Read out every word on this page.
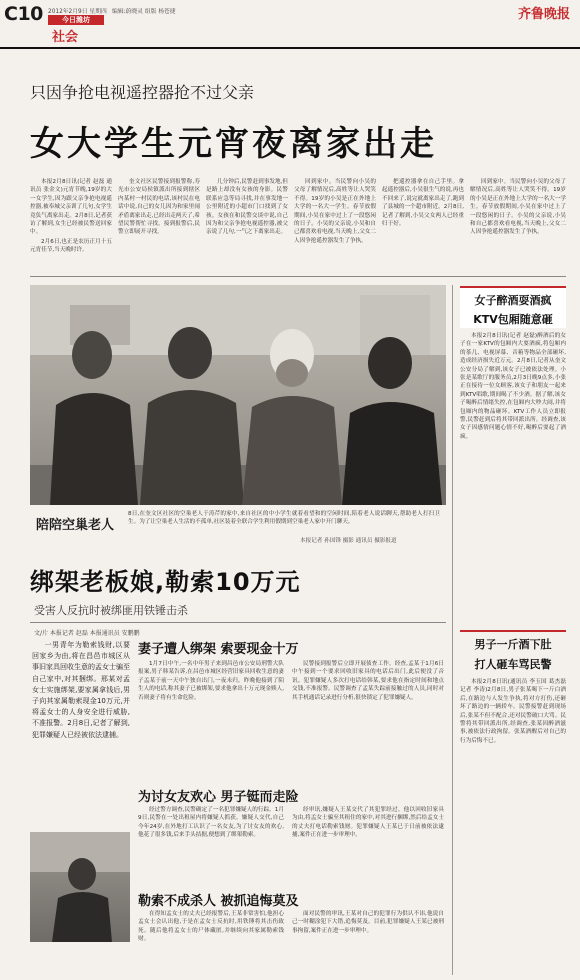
C10 2012年2月9日 星期四 编辑:蔚晓灵 组版 杨苍捷
今日潍坊
社会
齐鲁晚报
只因争抢电视遥控器抢不过父亲
女大学生元宵夜离家出走

本报2月8日讯(记者 赵磊 通讯员 张金文)元宵节晚,19岁的大一女学生,因为跟父亲争抢电视遥控器,被奉城父亲训了几句,女学生竟负气离家出走。2月8日,记者获访了解到,女生已经被民警送回家中。

2月6日,也正是农历正月十五元宵佳节,当天晚时许,

奎文社区民警接到报警称,寿光市公安局侯镇派出所接到辖区内某村一村民的电话,该村民在电话中说,自己的女儿因为和家里闹矛盾离家出走,已经出走两天了,希望民警帮忙寻找。接到报警后,民警立即展开寻找。

几分钟后,民警赶到事发地,但是路上却没有女孩的身影。民警联系应急等局寻找,并在事发地一公里附近的小超市门口找到了女孩。女孩在和民警交谈中说,自己因为和父亲争抢电视遥控器,被父亲说了几句,一气之下离家出走。

回到家中。当民警向小吴的父母了解情况后,高姓等让人哭笑不得。19岁的小吴是正在外地上大学的一名大一学生。春节放假期间,小吴在家中过上了一段悠闲的日子。小吴的父亲说,小吴和自己都喜欢看电视,当天晚上,父女二人因争抢遥控器发生了争执。

把遥控器拿在自己手里。拿起遥控器后,小吴很生气的说,再也不回来了,说完就离家出走了,跑到了县城的一个超市附近。2月8日,记者了解到,小吴父女两人已经重归于好。

回到家中。当民警向小吴的父母了解情况后,高姓等让人哭笑不得。19岁的小吴是正在外地上大学的一名大一学生。春节放假期间,小吴在家中过上了一段悠闲的日子。小吴的父亲说,小吴和自己都喜欢看电视,当天晚上,父女二人因争抢遥控器发生了争执。

陪陪空巢老人

8日,在奎文区社区的空巢老人于涛芹的家中,来自社区的中小学生就着看望和的空闲时间,陪着老人说话聊天,帮助老人打扫卫生。为了让空巢老人生活的不孤单,社区装着全联合学生利用假期到空巢老人家中开门聊天。

本报记者 孙国锋 摄影 通讯员 摄影报道
绑架老板娘,勒索10万元
受害人反抗时被绑匪用铁锤击杀
文/片 本报记者 赵磊 本报通讯员 安鹏鹏
一男青年为勒索钱财,以要回家乡为由,将在昌邑市城区从事旧家具回收生意的孟女士骗至自己家中,对其捆绑。邢某对孟女士实施绑架,要家属拿钱后,男子向其家属勒索现金10万元,并将孟女士的人身安全进行威胁,不准报警。2月8日,记者了解到,犯罪嫌疑人已经被依法逮捕。
妻子遭人绑架 索要现金十万

1月7日中午,一名中年男子来到昌邑市公安局刑警大队报案,男子韩某告诉,在昌邑市城区经营旧家具回收生意的妻子孟某于前一天中午独自出门,一夜未归。昨晚他接到了陌生人的电话,称其妻子已被绑架,要求他拿出十万元现金赎人,否则妻子将有生命危险。

民警接到报警后立即开展侦查工作。经查,孟某于1月6日中午接到一个要求回收旧家具的电话后出门,此后便没了音讯。犯罪嫌疑人多次打电话给韩某,要求他在指定时间和地点交钱,不准报警。民警调查了孟某失踪前接触过的人员,同时对其手机通话记录进行分析,很快锁定了犯罪嫌疑人。

为讨女友欢心 男子铤而走险

经过警方调查,民警确定了一名犯罪嫌疑人的行踪。1月9日,民警在一处出租屋内将嫌疑人抓获。嫌疑人交代,自己今年24岁,在外地打工认识了一名女友,为了讨女友的欢心,他花了很多钱,后来手头拮据,便想到了绑架勒索。

经审讯,嫌疑人王某交代了其犯罪经过。他以回收旧家具为由,将孟女士骗至其租住的家中,对其进行捆绑,然后给孟女士的丈夫打电话勒索钱财。犯罪嫌疑人王某已于日前被依法逮捕,案件正在进一步审理中。

勒索不成杀人 被抓追悔莫及

在得知孟女士的丈夫已经报警后,王某非常害怕,他担心孟女士会认出他,于是在孟女士反抗时,用铁锤将其击伤致死。随后他将孟女士的尸体藏匿,并继续向其家属勒索钱财。

面对民警的审讯,王某对自己的犯罪行为供认不讳,他说自己一时糊涂犯下大错,追悔莫及。目前,犯罪嫌疑人王某已被刑事拘留,案件正在进一步审理中。

女子醉酒耍酒疯
KTV包厢随意砸

本报2月8日讯(记者 赵磊)醉酒后的女子在一家KTV的包厢内大耍酒疯,将包厢内的茶几、电视屏幕、音箱等物品全部砸坏,造成经济损失近万元。2月8日,记者从奎文公安分局了解到,该女子已被依法处理。小张是某歌厅的服务员,2月3日晚9点多,小张正在接待一位女顾客,该女子和朋友一起来到KTV唱歌,期间喝了不少酒。据了解,该女子喝醉后情绪失控,在包厢内大吵大闹,并将包厢内的物品砸坏。KTV工作人员立即报警,民警赶到后将其带回派出所。经调查,该女子因感情问题心情不好,喝醉后耍起了酒疯。

男子一斤酒下肚
打人砸车骂民警

本报2月8日讯(通讯员 李玉国 葛杰磊 记者 李涛)2月8日,男子张某喝下一斤白酒后,在路边与人发生争执,将对方打伤,还砸坏了路边的一辆轿车。民警接警赶到现场后,张某不但不配合,还对民警破口大骂。民警将其带回派出所,经调查,张某因醉酒滋事,被依法行政拘留。张某酒醒后对自己的行为后悔不已。
